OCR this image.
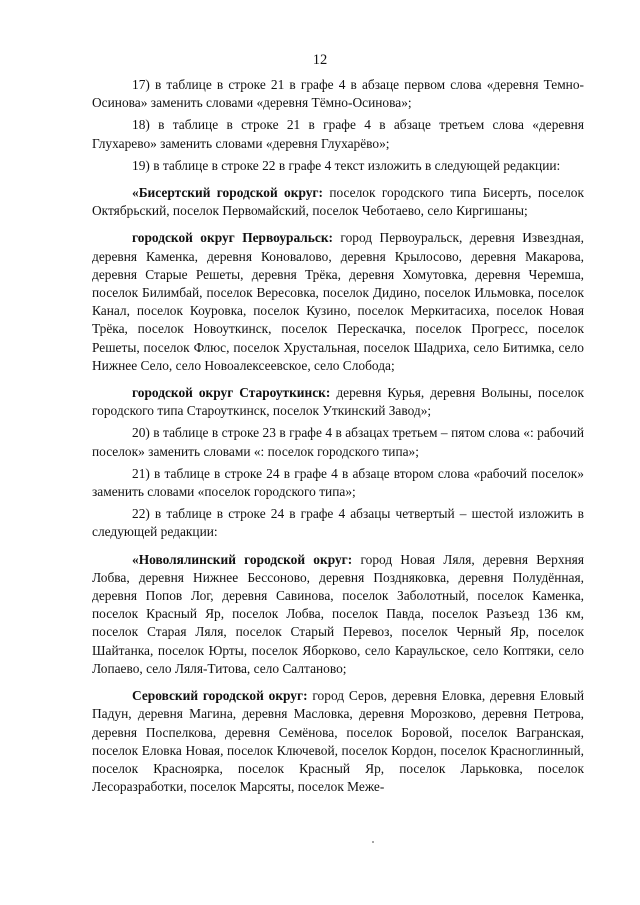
12

17) в таблице в строке 21 в графе 4 в абзаце первом слова «деревня Темно-Осинова» заменить словами «деревня Тёмно-Осинова»;

18) в таблице в строке 21 в графе 4 в абзаце третьем слова «деревня Глухарево» заменить словами «деревня Глухарёво»;

19) в таблице в строке 22 в графе 4 текст изложить в следующей редакции:

«Бисертский городской округ: поселок городского типа Бисерть, поселок Октябрьский, поселок Первомайский, поселок Чеботаево, село Киргишаны;

городской округ Первоуральск: город Первоуральск, деревня Извездная, деревня Каменка, деревня Коновалово, деревня Крылосово, деревня Макарова, деревня Старые Решеты, деревня Трёка, деревня Хомутовка, деревня Черемша, поселок Билимбай, поселок Вересовка, поселок Дидино, поселок Ильмовка, поселок Канал, поселок Коуровка, поселок Кузино, поселок Меркитасиха, поселок Новая Трёка, поселок Новоуткинск, поселок Перескачка, поселок Прогресс, поселок Решеты, поселок Флюс, поселок Хрустальная, поселок Шадриха, село Битимка, село Нижнее Село, село Новоалексеевское, село Слобода;

городской округ Староуткинск: деревня Курья, деревня Волыны, поселок городского типа Староуткинск, поселок Уткинский Завод»;

20) в таблице в строке 23 в графе 4 в абзацах третьем – пятом слова «: рабочий поселок» заменить словами «: поселок городского типа»;

21) в таблице в строке 24 в графе 4 в абзаце втором слова «рабочий поселок» заменить словами «поселок городского типа»;

22) в таблице в строке 24 в графе 4 абзацы четвертый – шестой изложить в следующей редакции:

«Новолялинский городской округ: город Новая Ляля, деревня Верхняя Лобва, деревня Нижнее Бессоново, деревня Поздняковка, деревня Полудённая, деревня Попов Лог, деревня Савинова, поселок Заболотный, поселок Каменка, поселок Красный Яр, поселок Лобва, поселок Павда, поселок Разъезд 136 км, поселок Старая Ляля, поселок Старый Перевоз, поселок Черный Яр, поселок Шайтанка, поселок Юрты, поселок Яборково, село Караульское, село Коптяки, село Лопаево, село Ляля-Титова, село Салтаново;

Серовский городской округ: город Серов, деревня Еловка, деревня Еловый Падун, деревня Магина, деревня Масловка, деревня Морозково, деревня Петрова, деревня Поспелкова, деревня Семёнова, поселок Боровой, поселок Вагранская, поселок Еловка Новая, поселок Ключевой, поселок Кордон, поселок Красноглинный, поселок Красноярка, поселок Красный Яр, поселок Ларьковка, поселок Лесоразработки, поселок Марсяты, поселок Меже-
